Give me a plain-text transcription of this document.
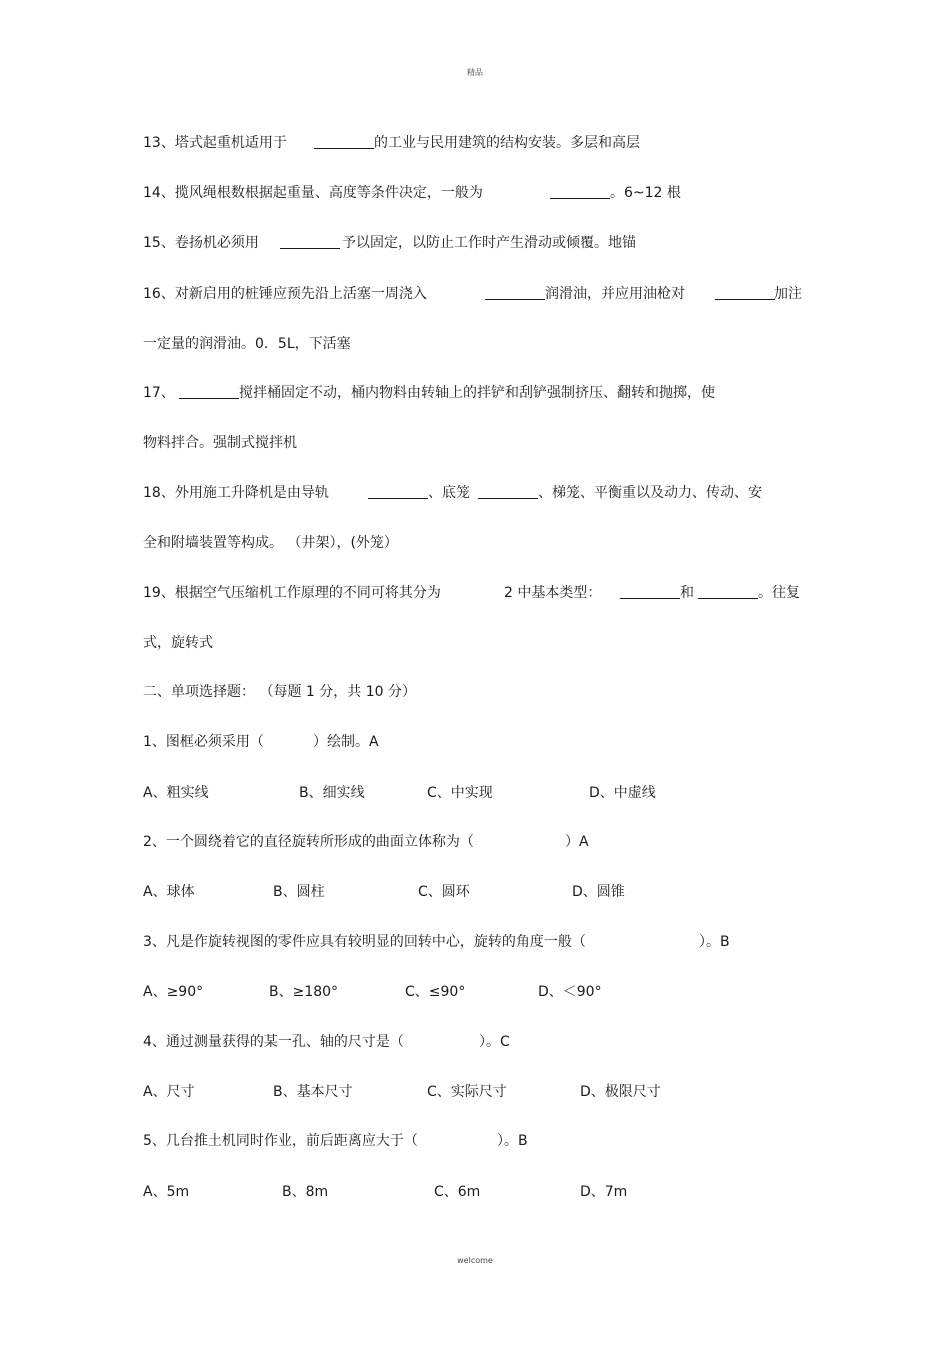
精品
13、塔式起重机适用于	的工业与民用建筑的结构安装。多层和高层
14、揽风绳根数根据起重量、高度等条件决定，一般为	。6~12 根
15、卷扬机必须用	予以固定，以防止工作时产生滑动或倾覆。地锚
16、对新启用的桩锤应预先沿上活塞一周浇入	润滑油，并应用油枪对	加注
一定量的润滑油。0．5L，下活塞
17、	搅拌桶固定不动，桶内物料由转轴上的拌铲和刮铲强制挤压、翻转和抛掷，使
物料拌合。强制式搅拌机
18、外用施工升降机是由导轨	、底笼	、梯笼、平衡重以及动力、传动、安
全和附墙装置等构成。 （井架），(外笼）
19、根据空气压缩机工作原理的不同可将其分为	2 中基本类型：	和	。往复
式，旋转式
二、单项选择题： （每题 1 分，共 10 分）
1、图框必须采用（	）绘制。A
A、粗实线	B、细实线	C、中实现	D、中虚线
2、一个圆绕着它的直径旋转所形成的曲面立体称为（	）A
A、球体	B、圆柱	C、圆环	D、圆锥
3、凡是作旋转视图的零件应具有较明显的回转中心，旋转的角度一般（	）。B
A、≥90°	B、≥180°	C、≤90°	D、＜90°
4、通过测量获得的某一孔、轴的尺寸是（	）。C
A、尺寸	B、基本尺寸	C、实际尺寸	D、极限尺寸
5、几台推土机同时作业，前后距离应大于（	）。B
A、5m	B、8m	C、6m	D、7m
welcome
